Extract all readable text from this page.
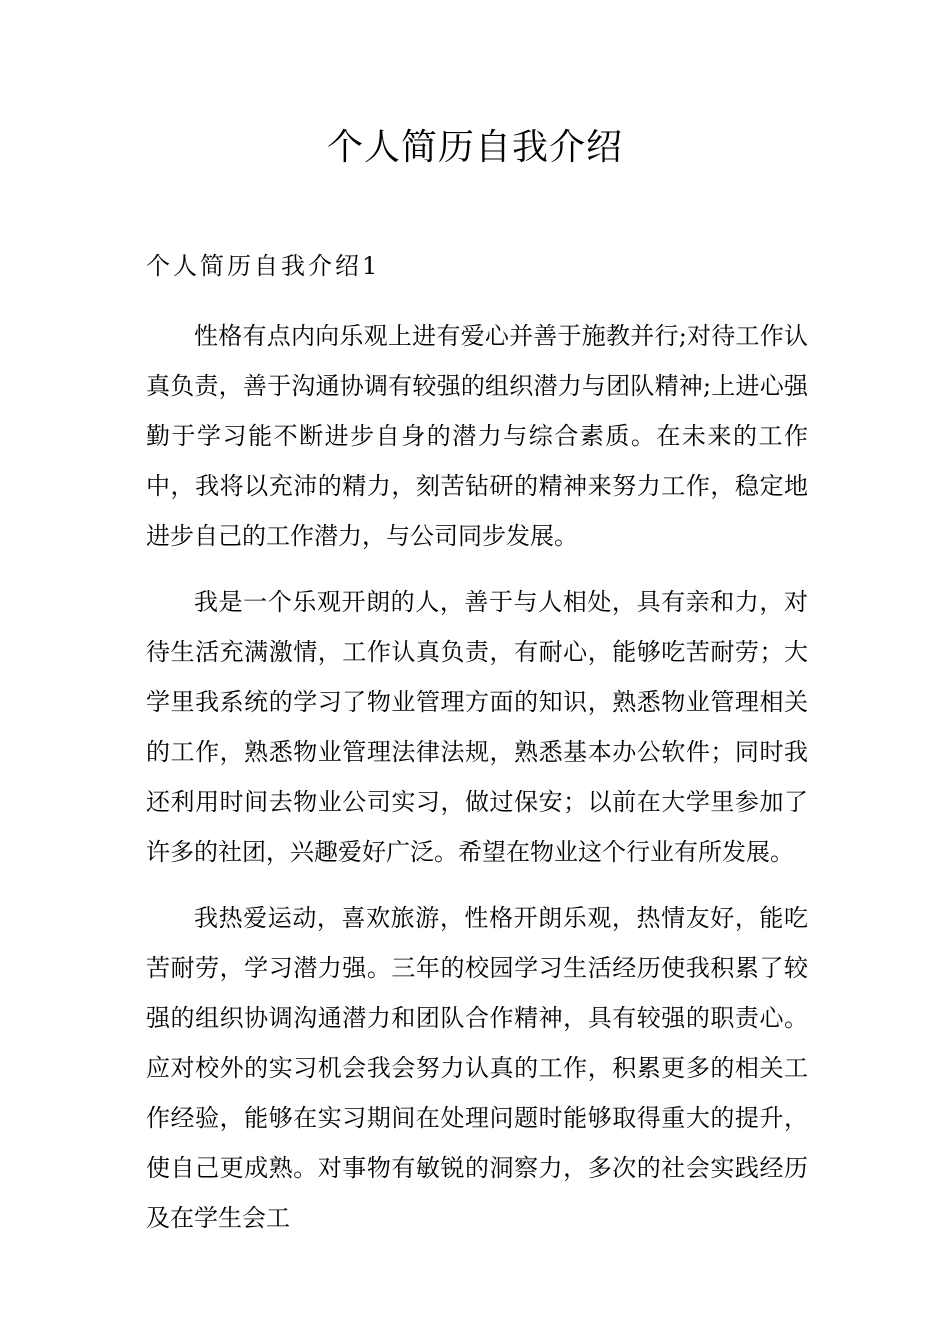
个人简历自我介绍
个人简历自我介绍1

性格有点内向乐观上进有爱心并善于施教并行;对待工作认真负责，善于沟通协调有较强的组织潜力与团队精神;上进心强勤于学习能不断进步自身的潜力与综合素质。在未来的工作中，我将以充沛的精力，刻苦钻研的精神来努力工作，稳定地进步自己的工作潜力，与公司同步发展。

我是一个乐观开朗的人，善于与人相处，具有亲和力，对待生活充满激情，工作认真负责，有耐心，能够吃苦耐劳；大学里我系统的学习了物业管理方面的知识，熟悉物业管理相关的工作，熟悉物业管理法律法规，熟悉基本办公软件；同时我还利用时间去物业公司实习，做过保安；以前在大学里参加了许多的社团，兴趣爱好广泛。希望在物业这个行业有所发展。

我热爱运动，喜欢旅游，性格开朗乐观，热情友好，能吃苦耐劳，学习潜力强。三年的校园学习生活经历使我积累了较强的组织协调沟通潜力和团队合作精神，具有较强的职责心。应对校外的实习机会我会努力认真的工作，积累更多的相关工作经验，能够在实习期间在处理问题时能够取得重大的提升，使自己更成熟。对事物有敏锐的洞察力，多次的社会实践经历及在学生会工
